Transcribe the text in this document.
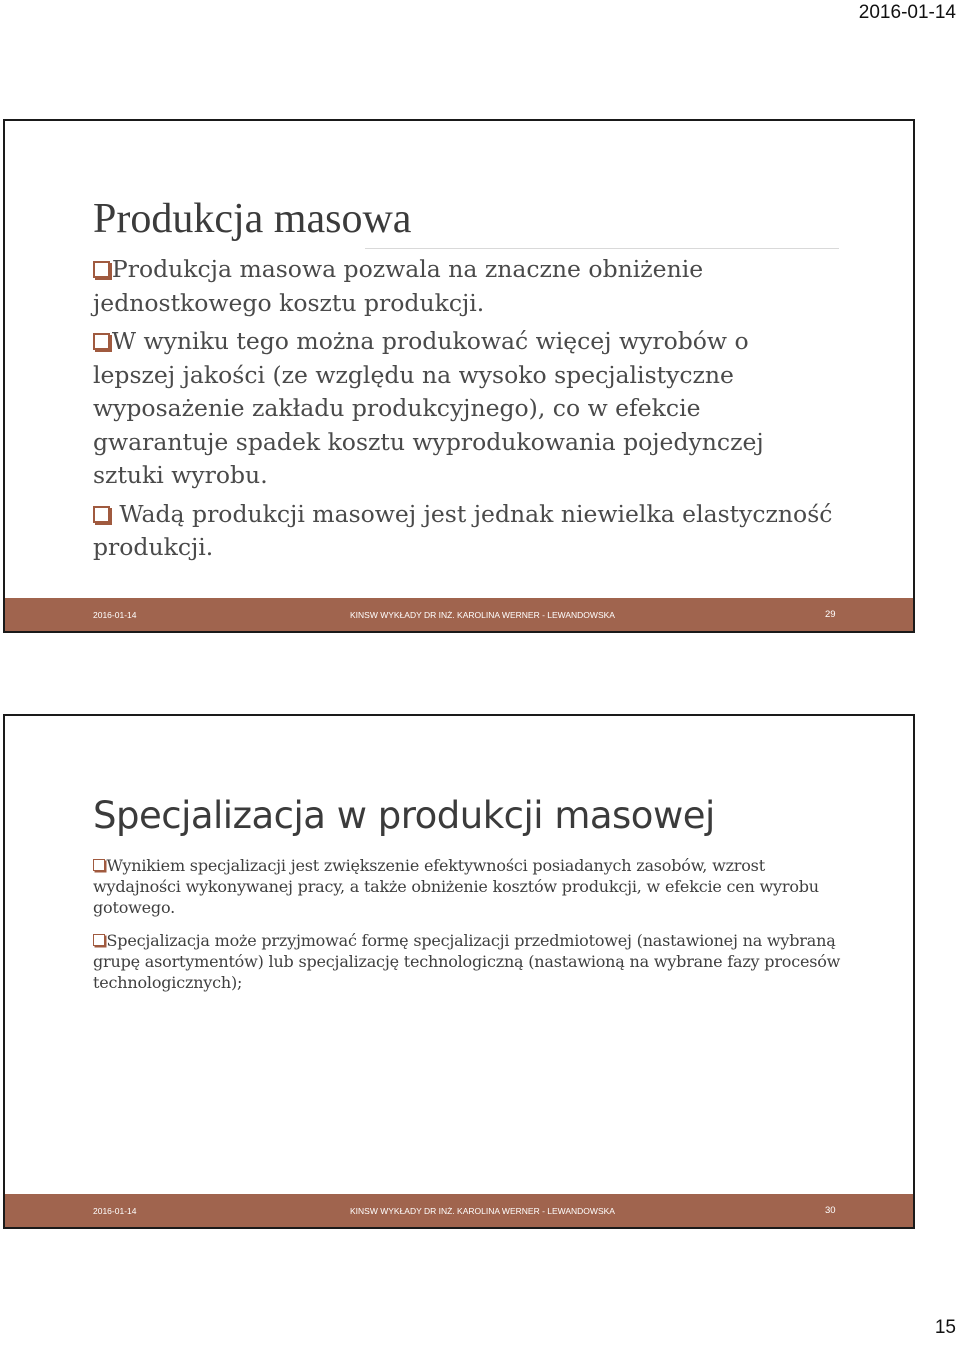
2016-01-14
Produkcja masowa

Produkcja masowa pozwala na znaczne obniżenie jednostkowego kosztu produkcji.

W wyniku tego można produkować więcej wyrobów o lepszej jakości (ze względu na wysoko specjalistyczne wyposażenie zakładu produkcyjnego), co w efekcie gwarantuje spadek kosztu wyprodukowania pojedynczej sztuki wyrobu.

Wadą produkcji masowej jest jednak niewielka elastyczność produkcji.

2016-01-14	KINSW WYKŁADY DR INŻ. KAROLINA WERNER - LEWANDOWSKA	29
Specjalizacja w produkcji masowej

Wynikiem specjalizacji jest zwiększenie efektywności posiadanych zasobów, wzrost wydajności wykonywanej pracy, a także obniżenie kosztów produkcji, w efekcie cen wyrobu gotowego.

Specjalizacja może przyjmować formę specjalizacji przedmiotowej (nastawionej na wybraną grupę asortymentów) lub specjalizację technologiczną (nastawioną na wybrane fazy procesów technologicznych);

2016-01-14	KINSW WYKŁADY DR INŻ. KAROLINA WERNER - LEWANDOWSKA	30
15
